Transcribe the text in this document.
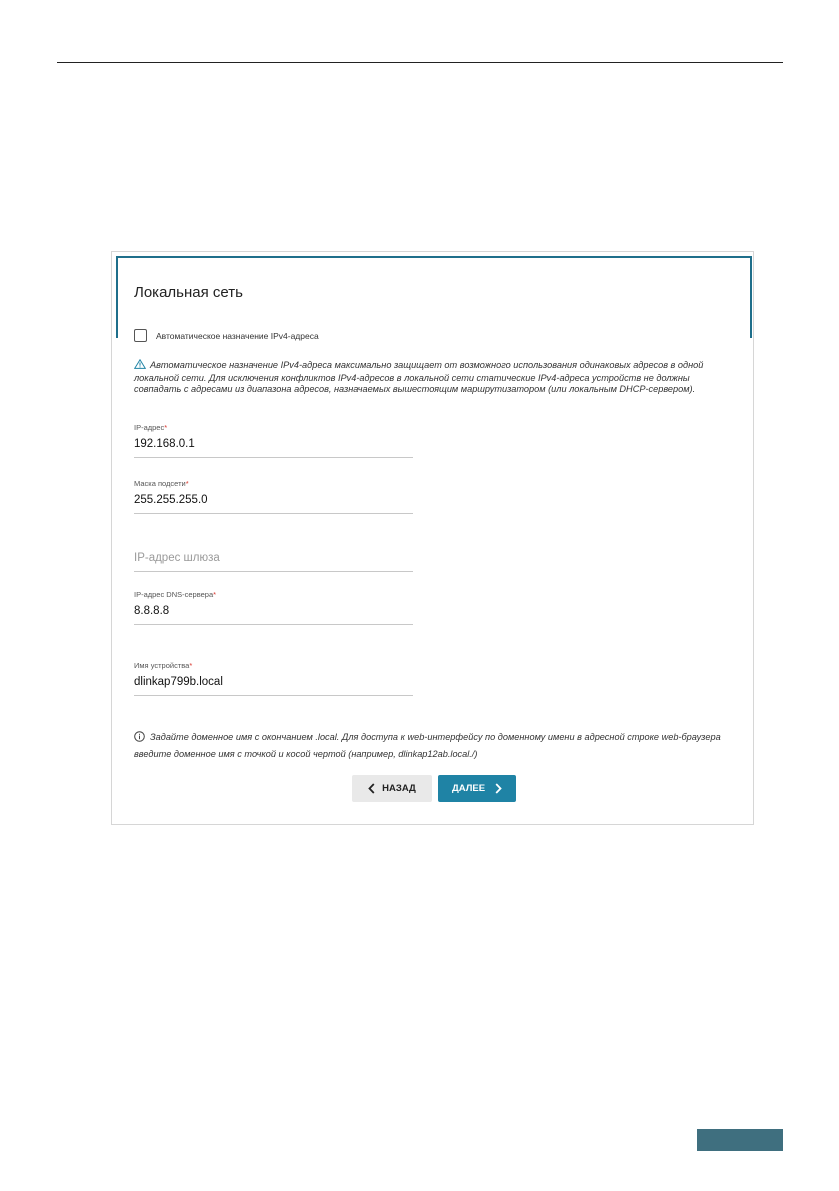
Локальная сеть
Автоматическое назначение IPv4-адреса
Автоматическое назначение IPv4-адреса максимально защищает от возможного использования одинаковых адресов в одной локальной сети. Для исключения конфликтов IPv4-адресов в локальной сети статические IPv4-адреса устройств не должны совпадать с адресами из диапазона адресов, назначаемых вышестоящим маршрутизатором (или локальным DHCP-сервером).
IP-адрес*
192.168.0.1
Маска подсети*
255.255.255.0
IP-адрес шлюза
IP-адрес DNS-сервера*
8.8.8.8
Имя устройства*
dlinkap799b.local
Задайте доменное имя с окончанием .local. Для доступа к web-интерфейсу по доменному имени в адресной строке web-браузера введите доменное имя с точкой и косой чертой (например, dlinkap12ab.local./)
НАЗАД	ДАЛЕЕ
